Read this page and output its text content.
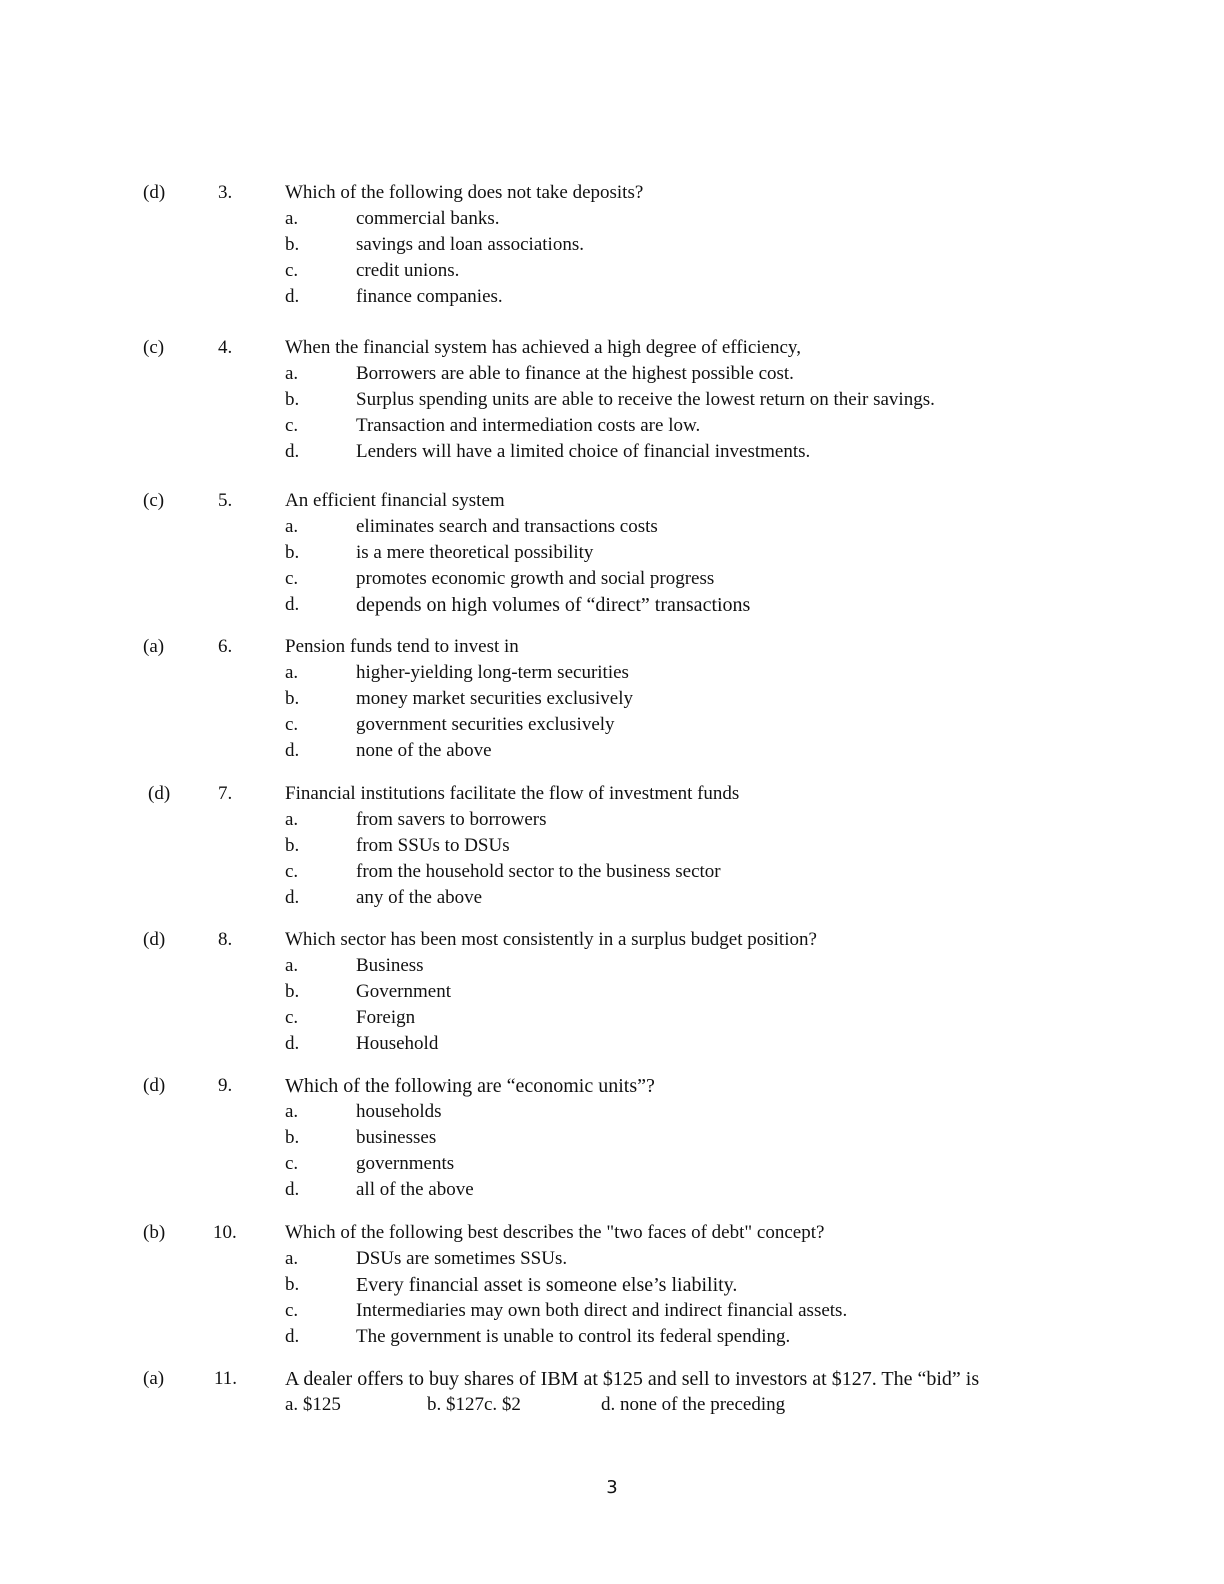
(d)	3.	Which of the following does not take deposits?
a.	commercial banks.
b.	savings and loan associations.
c.	credit unions.
d.	finance companies.
(c)	4.	When the financial system has achieved a high degree of efficiency,
a.	Borrowers are able to finance at the highest possible cost.
b.	Surplus spending units are able to receive the lowest return on their savings.
c.	Transaction and intermediation costs are low.
d.	Lenders will have a limited choice of financial investments.
(c)	5.	An efficient financial system
a.	eliminates search and transactions costs
b.	is a mere theoretical possibility
c.	promotes economic growth and social progress
d.	depends on high volumes of “direct” transactions
(a)	6.	Pension funds tend to invest in
a.	higher-yielding long-term securities
b.	money market securities exclusively
c.	government securities exclusively
d.	none of the above
(d)	7.	Financial institutions facilitate the flow of investment funds
a.	from savers to borrowers
b.	from SSUs to DSUs
c.	from the household sector to the business sector
d.	any of the above
(d)	8.	Which sector has been most consistently in a surplus budget position?
a.	Business
b.	Government
c.	Foreign
d.	Household
(d)	9.	Which of the following are “economic units”?
a.	households
b.	businesses
c.	governments
d.	all of the above
(b)	10.	Which of the following best describes the "two faces of debt" concept?
a.	DSUs are sometimes SSUs.
b.	Every financial asset is someone else’s liability.
c.	Intermediaries may own both direct and indirect financial assets.
d.	The government is unable to control its federal spending.
(a)	11. A dealer offers to buy shares of IBM at $125 and sell to investors at $127. The “bid” is
a. $125	b. $127c. $2	d. none of the preceding
3
